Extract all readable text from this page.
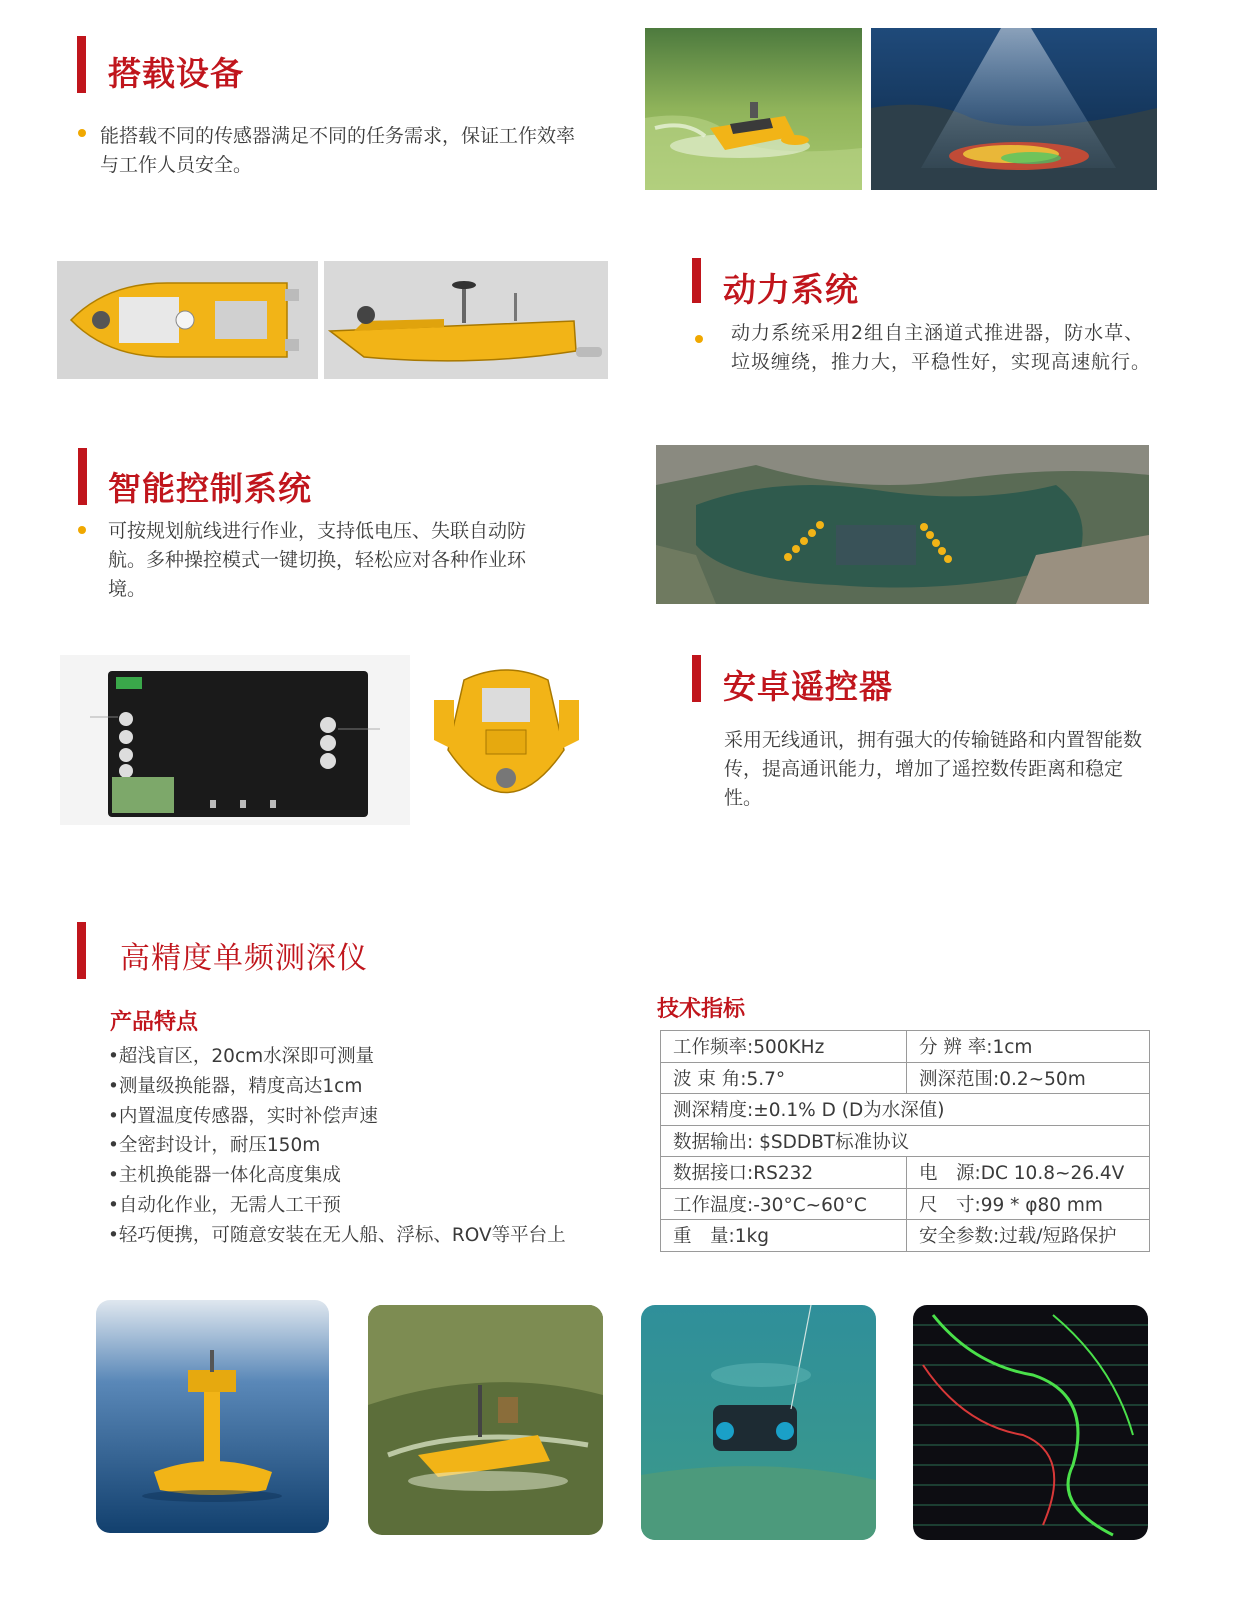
搭载设备
能搭载不同的传感器满足不同的任务需求，保证工作效率与工作人员安全。
动力系统
动力系统采用2组自主涵道式推进器，防水草、垃圾缠绕，推力大，平稳性好，实现高速航行。
智能控制系统
可按规划航线进行作业，支持低电压、失联自动防航。多种操控模式一键切换，轻松应对各种作业环境。
安卓遥控器
采用无线通讯，拥有强大的传输链路和内置智能数传，提高通讯能力，增加了遥控数传距离和稳定性。
高精度单频测深仪
产品特点
•超浅盲区，20cm水深即可测量
•测量级换能器，精度高达1cm
•内置温度传感器，实时补偿声速
•全密封设计，耐压150m
•主机换能器一体化高度集成
•自动化作业，无需人工干预
•轻巧便携，可随意安装在无人船、浮标、ROV等平台上
技术指标
工作频率:500KHz	分 辨 率:1cm
波 束 角:5.7°	测深范围:0.2~50m
测深精度:±0.1% D (D为水深值)	
数据输出: $SDDBT标准协议	
数据接口:RS232	电　源:DC 10.8~26.4V
工作温度:-30°C~60°C	尺　寸:99 * φ80 mm
重　量:1kg	安全参数:过载/短路保护
